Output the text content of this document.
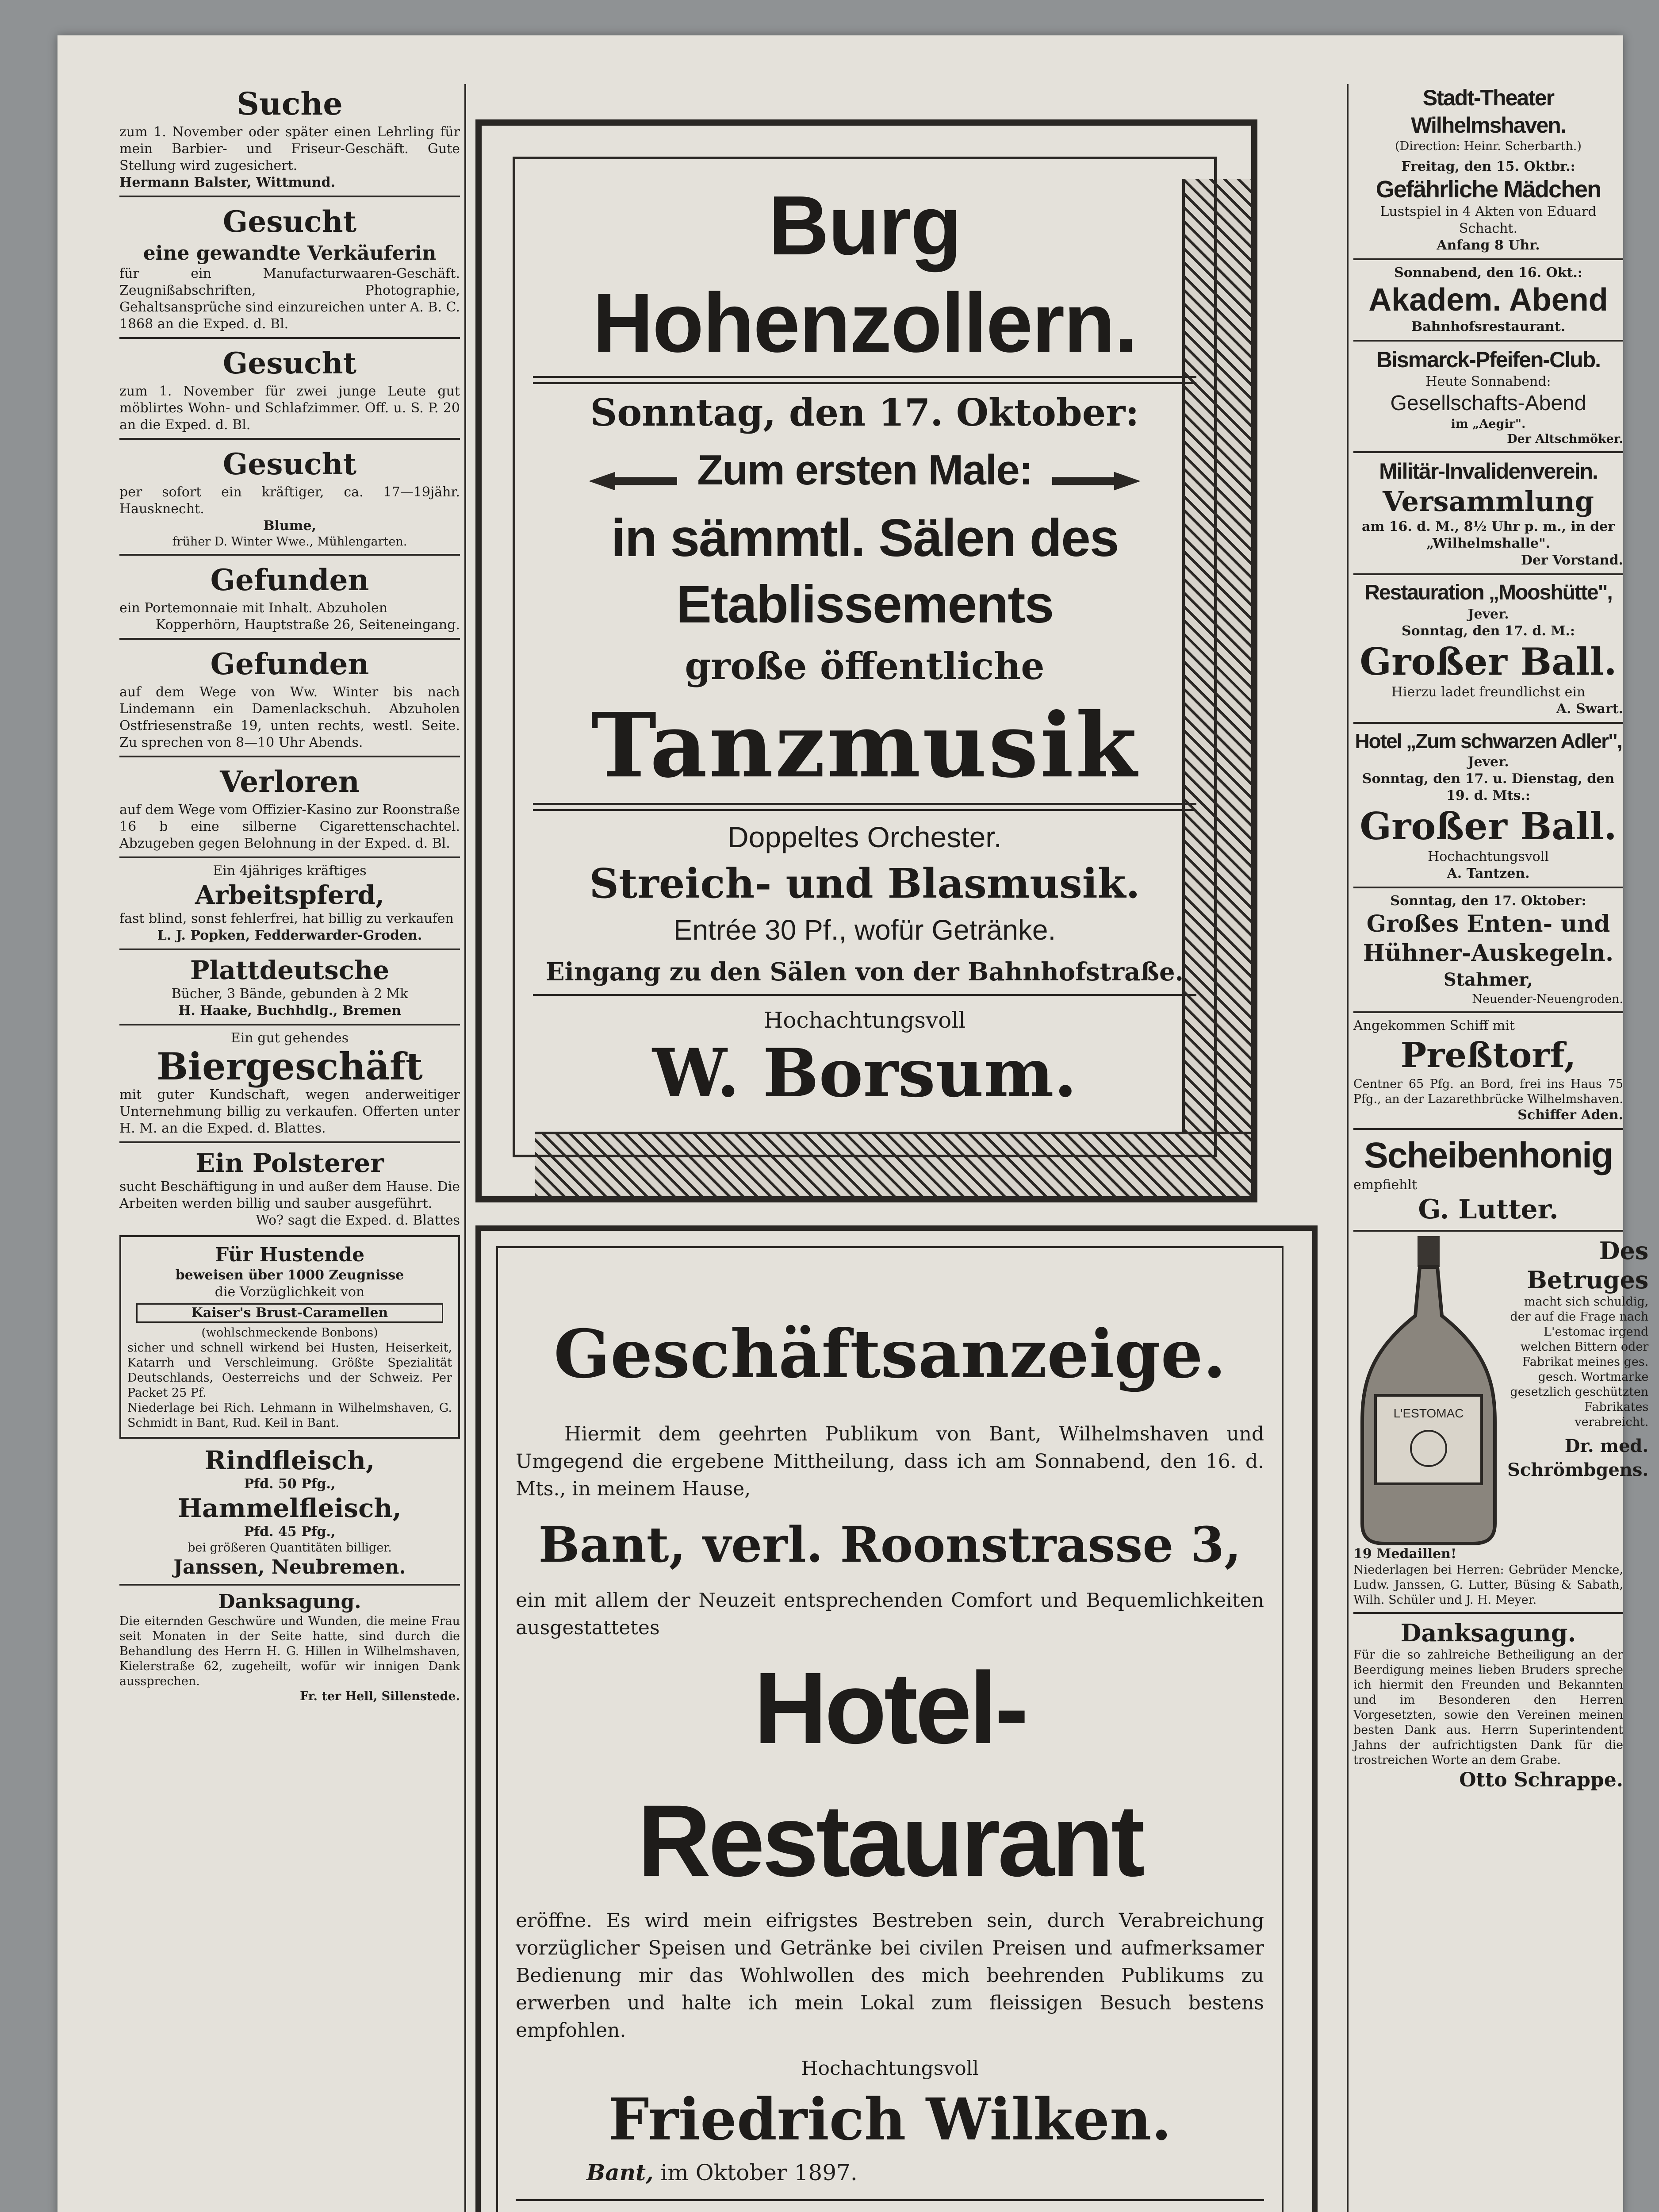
Suche
zum 1. November oder später einen Lehrling für mein Barbier- und Friseur-Geschäft. Gute Stellung wird zugesichert.
Hermann Balster, Wittmund.
Gesucht
eine gewandte Verkäuferin
für ein Manufacturwaaren-Geschäft. Zeugnißabschriften, Photographie, Gehaltsansprüche sind einzureichen unter A. B. C. 1868 an die Exped. d. Bl.
Gesucht
zum 1. November für zwei junge Leute gut möblirtes Wohn- und Schlafzimmer. Off. u. S. P. 20 an die Exped. d. Bl.
Gesucht
per sofort ein kräftiger, ca. 17—19jähr. Hausknecht.
Blume,
früher D. Winter Wwe., Mühlengarten.
Gefunden
ein Portemonnaie mit Inhalt. Abzuholen
Kopperhörn, Hauptstraße 26, Seiteneingang.
Gefunden
auf dem Wege von Ww. Winter bis nach Lindemann ein Damenlackschuh. Abzuholen Ostfriesenstraße 19, unten rechts, westl. Seite. Zu sprechen von 8—10 Uhr Abends.
Verloren
auf dem Wege vom Offizier-Kasino zur Roonstraße 16 b eine silberne Cigarettenschachtel. Abzugeben gegen Belohnung in der Exped. d. Bl.
Ein 4jähriges kräftiges
Arbeitspferd,
fast blind, sonst fehlerfrei, hat billig zu verkaufen
L. J. Popken, Fedderwarder-Groden.
Plattdeutsche
Bücher, 3 Bände, gebunden à 2 Mk
H. Haake, Buchhdlg., Bremen
Ein gut gehendes
Biergeschäft
mit guter Kundschaft, wegen anderweitiger Unternehmung billig zu verkaufen. Offerten unter H. M. an die Exped. d. Blattes.
Ein Polsterer
sucht Beschäftigung in und außer dem Hause. Die Arbeiten werden billig und sauber ausgeführt.
Wo? sagt die Exped. d. Blattes
Für Hustende
beweisen über 1000 Zeugnisse
die Vorzüglichkeit von
Kaiser's Brust-Caramellen
(wohlschmeckende Bonbons)
sicher und schnell wirkend bei Husten, Heiserkeit, Katarrh und Verschleimung. Größte Spezialität Deutschlands, Oesterreichs und der Schweiz. Per Packet 25 Pf.
Niederlage bei Rich. Lehmann in Wilhelmshaven, G. Schmidt in Bant, Rud. Keil in Bant.
Rindfleisch,
Pfd. 50 Pfg.,
Hammelfleisch,
Pfd. 45 Pfg.,
bei größeren Quantitäten billiger.
Janssen, Neubremen.
Danksagung.
Die eiternden Geschwüre und Wunden, die meine Frau seit Monaten in der Seite hatte, sind durch die Behandlung des Herrn H. G. Hillen in Wilhelmshaven, Kielerstraße 62, zugeheilt, wofür wir innigen Dank aussprechen.
Fr. ter Hell, Sillenstede.
Burg Hohenzollern.
Sonntag, den 17. Oktober:
Zum ersten Male:
in sämmtl. Sälen des Etablissements
große öffentliche
Tanzmusik
Doppeltes Orchester.
Streich- und Blasmusik.
Entrée 30 Pf., wofür Getränke.
Eingang zu den Sälen von der Bahnhofstraße.
Hochachtungsvoll
W. Borsum.
Geschäftsanzeige.
Hiermit dem geehrten Publikum von Bant, Wilhelmshaven und Umgegend die ergebene Mittheilung, dass ich am Sonnabend, den 16. d. Mts., in meinem Hause,
Bant, verl. Roonstrasse 3,
ein mit allem der Neuzeit entsprechenden Comfort und Bequemlichkeiten ausgestattetes
Hotel-Restaurant
eröffne. Es wird mein eifrigstes Bestreben sein, durch Verabreichung vorzüglicher Speisen und Getränke bei civilen Preisen und aufmerksamer Bedienung mir das Wohlwollen des mich beehrenden Publikums zu erwerben und halte ich mein Lokal zum fleissigen Besuch bestens empfohlen.
Hochachtungsvoll
Friedrich Wilken.
Bant, im Oktober 1897.
Stadt-Theater Wilhelmshaven.
(Direction: Heinr. Scherbarth.)
Freitag, den 15. Oktbr.:
Gefährliche Mädchen
Lustspiel in 4 Akten von Eduard Schacht.
Anfang 8 Uhr.
Sonnabend, den 16. Okt.:
Akadem. Abend
Bahnhofsrestaurant.
Bismarck-Pfeifen-Club.
Heute Sonnabend:
Gesellschafts-Abend
im „Aegir".
Der Altschmöker.
Militär-Invalidenverein.
Versammlung
am 16. d. M., 8½ Uhr p. m., in der „Wilhelmshalle".
Der Vorstand.
Restauration „Mooshütte",
Jever.
Sonntag, den 17. d. M.:
Großer Ball.
Hierzu ladet freundlichst ein
A. Swart.
Hotel „Zum schwarzen Adler",
Jever.
Sonntag, den 17. u. Dienstag, den 19. d. Mts.:
Großer Ball.
Hochachtungsvoll
A. Tantzen.
Sonntag, den 17. Oktober:
Großes Enten- und Hühner-Auskegeln.
Stahmer,
Neuender-Neuengroden.
Angekommen Schiff mit
Preßtorf,
Centner 65 Pfg. an Bord, frei ins Haus 75 Pfg., an der Lazarethbrücke Wilhelmshaven.
Schiffer Aden.
Scheibenhonig
empfiehlt
G. Lutter.
L'ESTOMAC
Des Betruges
macht sich schuldig, der auf die Frage nach L'estomac irgend welchen Bittern oder Fabrikat meines ges. gesch. Wortmarke gesetzlich geschützten Fabrikates verabreicht.
Dr. med. Schrömbgens.
19 Medaillen!
Niederlagen bei Herren: Gebrüder Mencke, Ludw. Janssen, G. Lutter, Büsing & Sabath, Wilh. Schüler und J. H. Meyer.
Danksagung.
Für die so zahlreiche Betheiligung an der Beerdigung meines lieben Bruders spreche ich hiermit den Freunden und Bekannten und im Besonderen den Herren Vorgesetzten, sowie den Vereinen meinen besten Dank aus. Herrn Superintendent Jahns der aufrichtigsten Dank für die trostreichen Worte an dem Grabe.
Otto Schrappe.
